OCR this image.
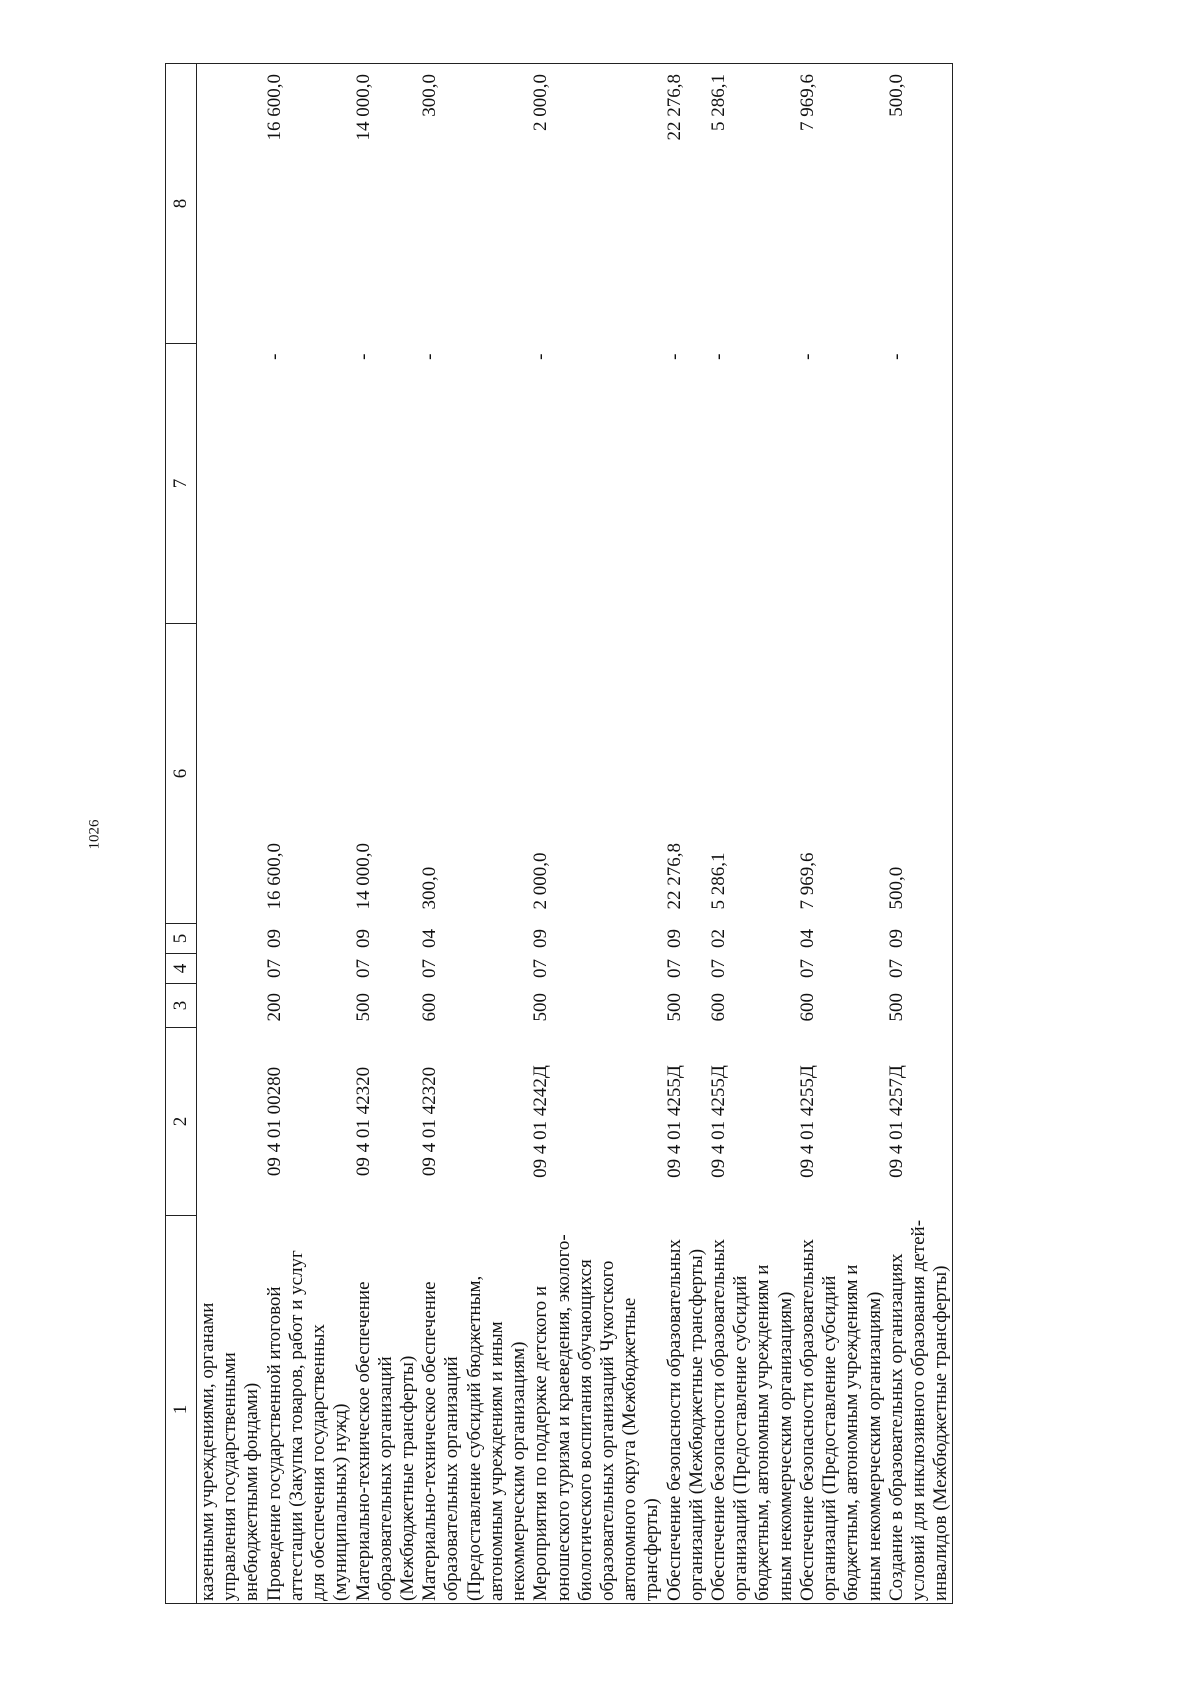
1026
1	2	3	4	5	6	7	8
казенными учреждениями, органами управления государственными внебюджетными фондами)							
Проведение государственной итоговой аттестации (Закупка товаров, работ и услуг для обеспечения государственных (муниципальных) нужд)	09 4 01 00280	200	07	09	16 600,0	-	16 600,0
Материально-техническое обеспечение образовательных организаций (Межбюджетные трансферты)	09 4 01 42320	500	07	09	14 000,0	-	14 000,0
Материально-техническое обеспечение образовательных организаций (Предоставление субсидий бюджетным, автономным учреждениям и иным некоммерческим организациям)	09 4 01 42320	600	07	04	300,0	-	300,0
Мероприятия по поддержке детского и юношеского туризма и краеведения, эколого-биологического воспитания обучающихся образовательных организаций Чукотского автономного округа (Межбюджетные трансферты)	09 4 01 4242Д	500	07	09	2 000,0	-	2 000,0
Обеспечение безопасности образовательных организаций (Межбюджетные трансферты)	09 4 01 4255Д	500	07	09	22 276,8	-	22 276,8
Обеспечение безопасности образовательных организаций (Предоставление субсидий бюджетным, автономным учреждениям и иным некоммерческим организациям)	09 4 01 4255Д	600	07	02	5 286,1	-	5 286,1
Обеспечение безопасности образовательных организаций (Предоставление субсидий бюджетным, автономным учреждениям и иным некоммерческим организациям)	09 4 01 4255Д	600	07	04	7 969,6	-	7 969,6
Создание в образовательных организациях условий для инклюзивного образования детей-инвалидов (Межбюджетные трансферты)	09 4 01 4257Д	500	07	09	500,0	-	500,0
